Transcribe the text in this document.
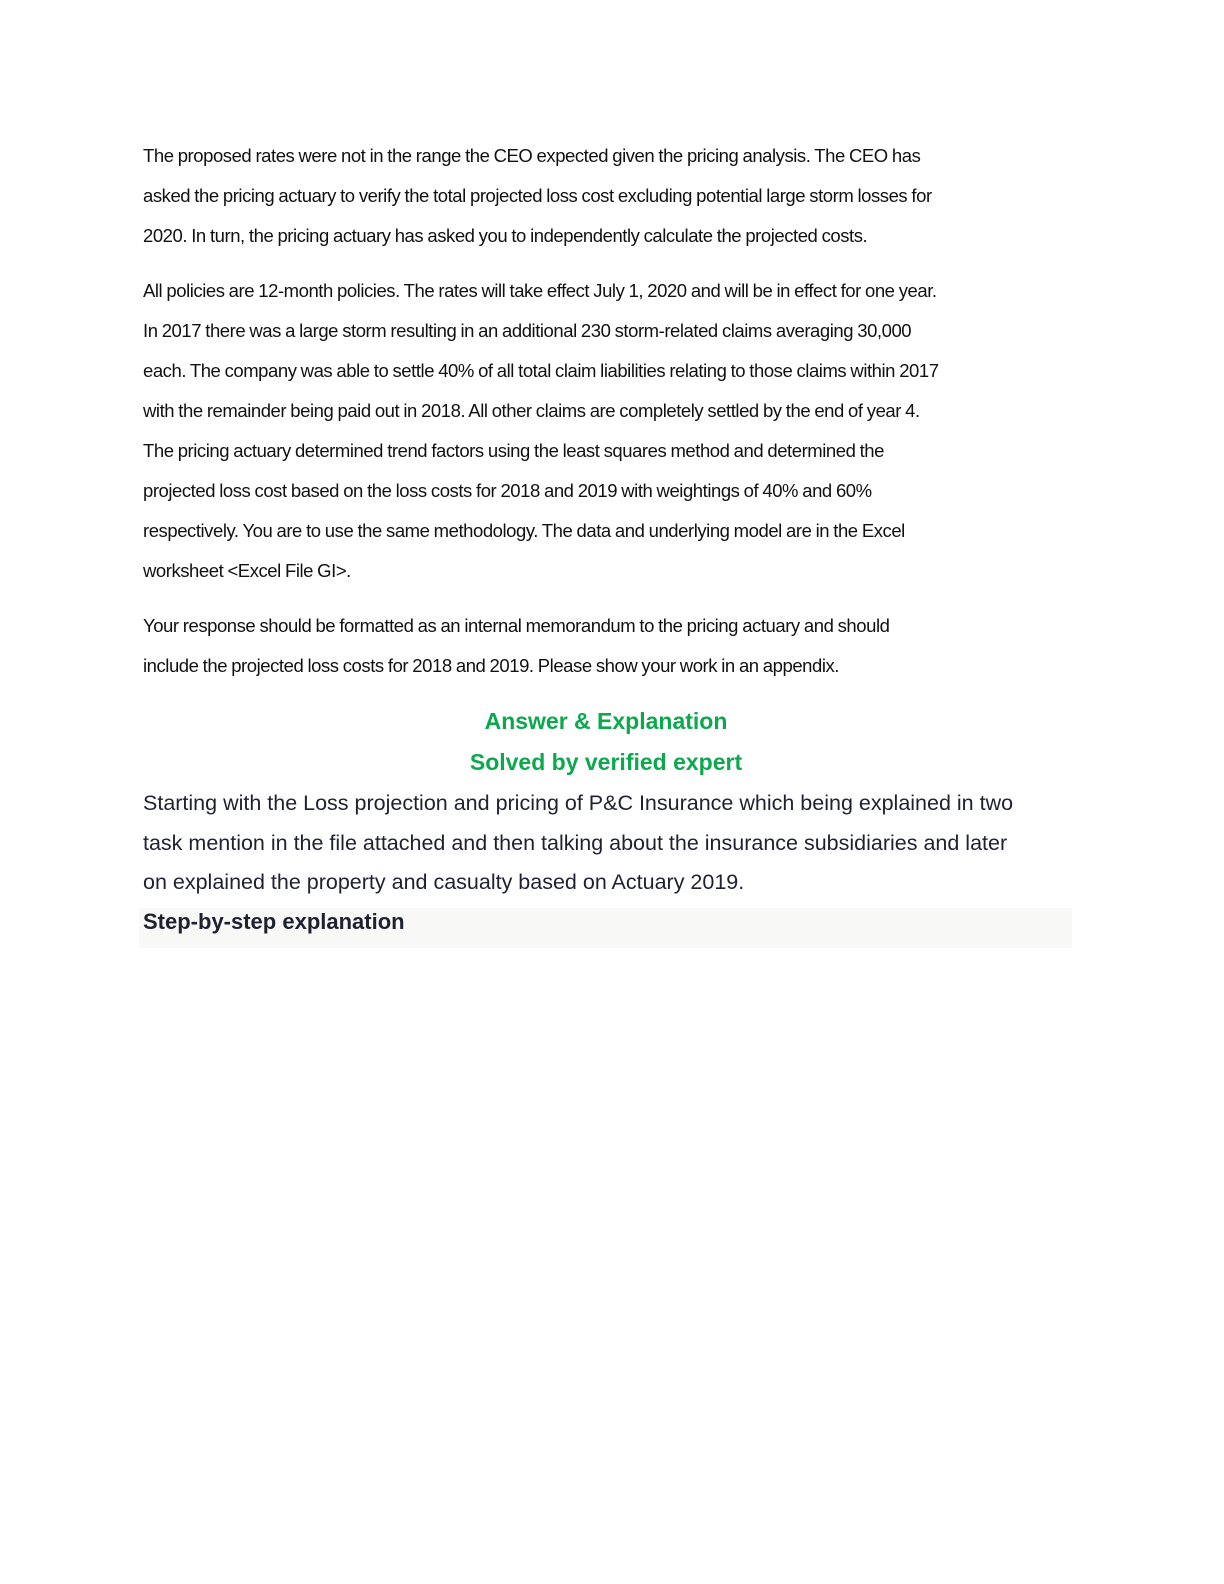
The proposed rates were not in the range the CEO expected given the pricing analysis. The CEO has
asked the pricing actuary to verify the total projected loss cost excluding potential large storm losses for
2020. In turn, the pricing actuary has asked you to independently calculate the projected costs.
All policies are 12-month policies. The rates will take effect July 1, 2020 and will be in effect for one year.
In 2017 there was a large storm resulting in an additional 230 storm-related claims averaging 30,000
each. The company was able to settle 40% of all total claim liabilities relating to those claims within 2017
with the remainder being paid out in 2018. All other claims are completely settled by the end of year 4.
The pricing actuary determined trend factors using the least squares method and determined the
projected loss cost based on the loss costs for 2018 and 2019 with weightings of 40% and 60%
respectively. You are to use the same methodology. The data and underlying model are in the Excel
worksheet <Excel File GI>.
Your response should be formatted as an internal memorandum to the pricing actuary and should
include the projected loss costs for 2018 and 2019. Please show your work in an appendix.
Answer & Explanation
Solved by verified expert
Starting with the Loss projection and pricing of P&C Insurance which being explained in two
task mention in the file attached and then talking about the insurance subsidiaries and later
on explained the property and casualty based on Actuary 2019.
Step-by-step explanation
